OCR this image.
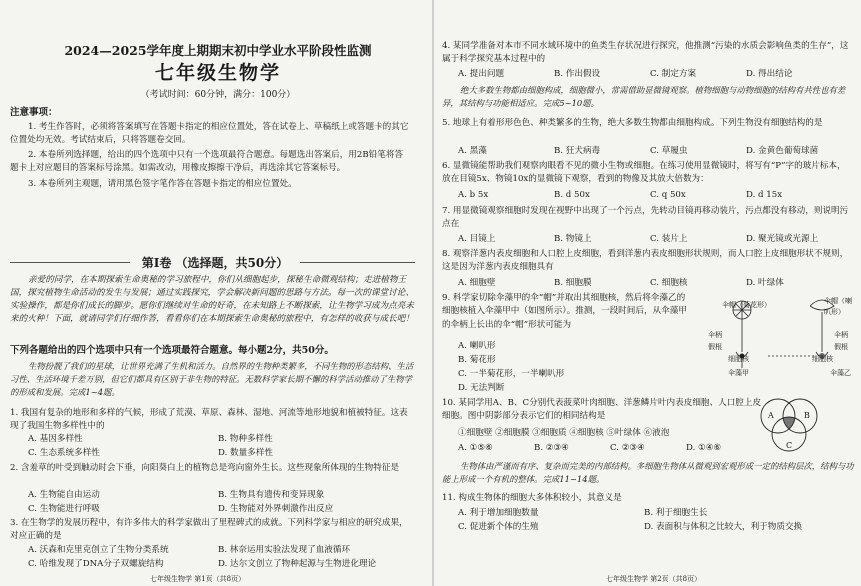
2024—2025学年度上期期末初中学业水平阶段性监测
七年级生物学
（考试时间：60分钟，满分：100分）
注意事项：
1. 考生作答时，必须将答案填写在答题卡指定的相应位置处，答在试卷上、草稿纸上或答题卡的其它位置处均无效。考试结束后，只将答题卷交回。
2. 本卷所列选择题，给出的四个选项中只有一个选项最符合题意。每题选出答案后，用2B铅笔将答题卡上对应题目的答案标号涂黑。如需改动，用橡皮擦擦干净后，再选涂其它答案标号。
3. 本卷所列主观题，请用黑色签字笔作答在答题卡指定的相应位置处。
第Ⅰ卷 （选择题，共50分）
亲爱的同学，在本期探索生命奥秘的学习旅程中，你们从细胞起步，探秘生命微观结构；走进植物王国，探究植物生命活动的发生与发展；通过实践探究，学会解决新问题的思路与方法。每一次的课堂讨论、实验操作，都是你们成长的脚步。愿你们继续对生命的好奇，在未知路上不断探索，让生物学习成为点亮未来的火种！下面，就请同学们仔细作答，看看你们在本期探索生命奥秘的旅程中，有怎样的收获与成长吧！
下列各题给出的四个选项中只有一个选项最符合题意。每小题2分，共50分。
生物扮靓了我们的星球，让世界充满了生机和活力。自然界的生物种类繁多，不同生物的形态结构、生活习性、生活环境千差万别，但它们都具有区别于非生物的特征。无数科学家长期不懈的科学活动推动了生物学的形成和发展。完成1~4题。
1. 我国有复杂的地形和多样的气候，形成了荒漠、草原、森林、湿地、河流等地形地貌和植被特征。这表现了我国生物多样性中的
A. 基因多样性	B. 物种多样性
C. 生态系统多样性	D. 数量多样性
2. 含羞草的叶受到触动时会下垂，向阳葵白上的植物总是弯向窗外生长。这些现象所体现的生物特征是
A. 生物能自由运动	B. 生物具有遗传和变异现象
C. 生物能进行呼吸	D. 生物能对外界刺激作出反应
3. 在生物学的发展历程中，有许多伟大的科学家做出了里程碑式的成就。下列科学家与相应的研究成果，对应正确的是
A. 沃森和克里克创立了生物分类系统	B. 林奈运用实验法发现了血液循环
C. 哈维发现了DNA分子双螺旋结构	D. 达尔文创立了物种起源与生物进化理论
七年级生物学 第1页（共8页）
4. 某同学准备对本市不同水域环境中的鱼类生存状况进行探究，他推测“污染的水质会影响鱼类的生存”，这属于科学探究基本过程中的
A. 提出问题	B. 作出假设	C. 制定方案	D. 得出结论
绝大多数生物都由细胞构成，细胞微小，常需借助显微镜观察。植物细胞与动物细胞的结构有共性也有差异，其结构与功能相适应。完成5~10题。
5. 地球上有着形形色色、种类繁多的生物，绝大多数生物都由细胞构成。下列生物没有细胞结构的是
A. 黑藻	B. 狂犬病毒	C. 草履虫	D. 金黄色葡萄球菌
6. 显微镜能帮助我们观察肉眼看不见的微小生物或细胞。在练习使用显微镜时，将写有“P”字的玻片标本，放在目镜5x、物镜10x的显微镜下观察，看到的物像及其放大倍数为：
A. b 5x	B. d 50x	C. q 50x	D. d 15x
7. 用显微镜观察细胞时发现在视野中出现了一个污点，先转动目镜再移动装片，污点都没有移动，则说明污点在
A. 目镜上	B. 物镜上	C. 装片上	D. 聚光镜或光源上
8. 观察洋葱内表皮细胞和人口腔上皮细胞，看到洋葱内表皮细胞形状规则，而人口腔上皮细胞形状不规则，这是因为洋葱内表皮细胞具有
A. 细胞壁	B. 细胞膜	C. 细胞核	D. 叶绿体
9. 科学家切除伞藻甲的伞“帽”并取出其细胞核，然后将伞藻乙的细胞核植入伞藻甲中（如图所示）。推测，一段时间后，从伞藻甲的伞柄上长出的伞“帽”形状可能为
A. 喇叭形
B. 菊花形
C. 一半菊花形，一半喇叭形
D. 无法判断
伞帽（菊花形）	伞帽（喇叭形）
伞柄
假根
伞柄
假根
细胞核	细胞核
伞藻甲	伞藻乙
10. 某同学用A、B、C分别代表菠菜叶肉细胞、洋葱鳞片叶内表皮细胞、人口腔上皮细胞。图中阴影部分表示它们的相同结构是
①细胞壁 ②细胞膜 ③细胞质 ④细胞核 ⑤叶绿体 ⑥液泡
A. ①⑤⑥	B. ②③④	C. ②③④	D. ①④⑥
A	B
C
生物体由严谨而有序、复杂而完美的内部结构。多细胞生物体从微观到宏观形成一定的结构层次，结构与功能上形成一个有机的整体。完成11~14题。
11. 构成生物体的细胞大多体积较小，其意义是
A. 利于增加细胞数量	B. 利于细胞生长
C. 促进新个体的生殖	D. 表面积与体积之比较大，利于物质交换
七年级生物学 第2页（共8页）
